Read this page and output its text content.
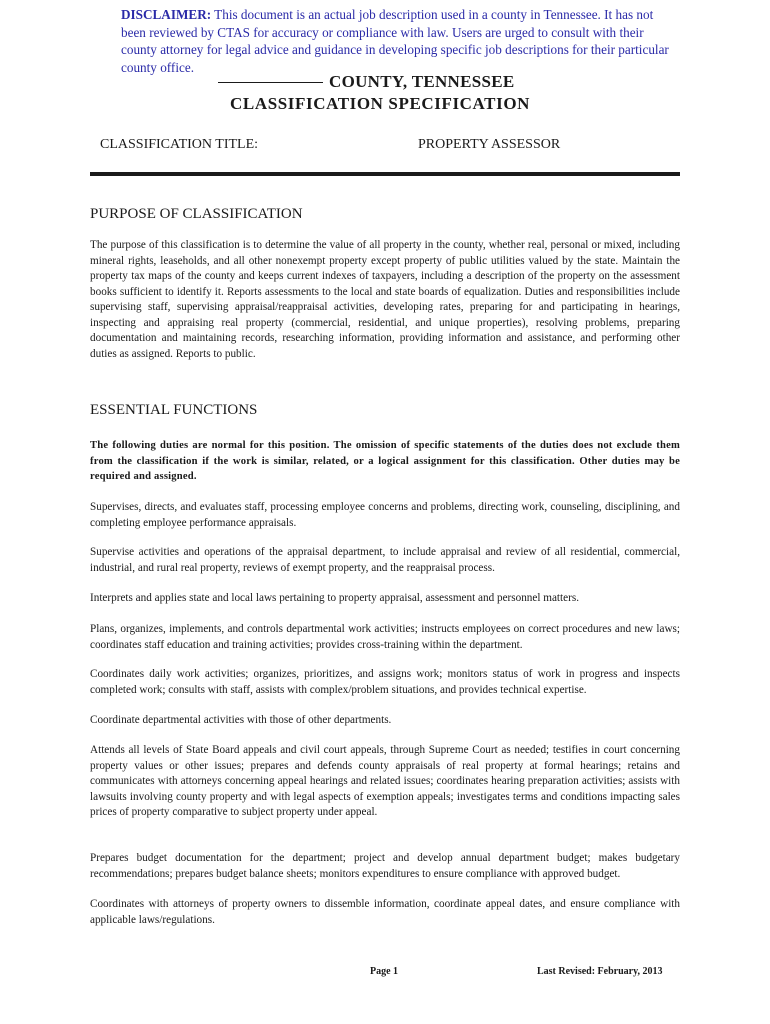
DISCLAIMER: This document is an actual job description used in a county in Tennessee. It has not been reviewed by CTAS for accuracy or compliance with law. Users are urged to consult with their county attorney for legal advice and guidance in developing specific job descriptions for their particular county office.
COUNTY, TENNESSEE
CLASSIFICATION SPECIFICATION
CLASSIFICATION TITLE:	PROPERTY ASSESSOR
PURPOSE OF CLASSIFICATION
The purpose of this classification is to determine the value of all property in the county, whether real, personal or mixed, including mineral rights, leaseholds, and all other nonexempt property except property of public utilities valued by the state. Maintain the property tax maps of the county and keeps current indexes of taxpayers, including a description of the property on the assessment books sufficient to identify it. Reports assessments to the local and state boards of equalization. Duties and responsibilities include supervising staff, supervising appraisal/reappraisal activities, developing rates, preparing for and participating in hearings, inspecting and appraising real property (commercial, residential, and unique properties), resolving problems, preparing documentation and maintaining records, researching information, providing information and assistance, and performing other duties as assigned. Reports to public.
ESSENTIAL FUNCTIONS
The following duties are normal for this position. The omission of specific statements of the duties does not exclude them from the classification if the work is similar, related, or a logical assignment for this classification. Other duties may be required and assigned.
Supervises, directs, and evaluates staff, processing employee concerns and problems, directing work, counseling, disciplining, and completing employee performance appraisals.
Supervise activities and operations of the appraisal department, to include appraisal and review of all residential, commercial, industrial, and rural real property, reviews of exempt property, and the reappraisal process.
Interprets and applies state and local laws pertaining to property appraisal, assessment and personnel matters.
Plans, organizes, implements, and controls departmental work activities; instructs employees on correct procedures and new laws; coordinates staff education and training activities; provides cross-training within the department.
Coordinates daily work activities; organizes, prioritizes, and assigns work; monitors status of work in progress and inspects completed work; consults with staff, assists with complex/problem situations, and provides technical expertise.
Coordinate departmental activities with those of other departments.
Attends all levels of State Board appeals and civil court appeals, through Supreme Court as needed; testifies in court concerning property values or other issues; prepares and defends county appraisals of real property at formal hearings; retains and communicates with attorneys concerning appeal hearings and related issues; coordinates hearing preparation activities; assists with lawsuits involving county property and with legal aspects of exemption appeals; investigates terms and conditions impacting sales prices of property comparative to subject property under appeal.
Prepares budget documentation for the department; project and develop annual department budget; makes budgetary recommendations; prepares budget balance sheets; monitors expenditures to ensure compliance with approved budget.
Coordinates with attorneys of property owners to dissemble information, coordinate appeal dates, and ensure compliance with applicable laws/regulations.
Page 1	Last Revised: February, 2013
